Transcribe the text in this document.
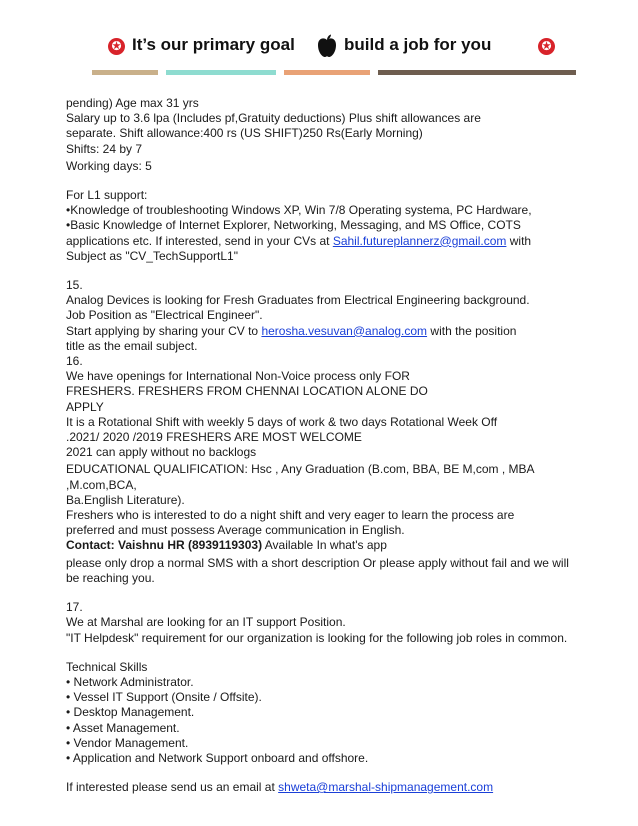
✪ It’s our primary goal	build a job for you	✪
pending) Age max 31 yrs
Salary up to 3.6 lpa (Includes pf,Gratuity deductions) Plus shift allowances are
separate. Shift allowance:400 rs (US SHIFT)250 Rs(Early Morning)
Shifts: 24 by 7
Working days: 5
For L1 support:
•Knowledge of troubleshooting Windows XP, Win 7/8 Operating systema, PC Hardware,
•Basic Knowledge of Internet Explorer, Networking, Messaging, and MS Office, COTS
applications etc. If interested, send in your CVs at Sahil.futureplannerz@gmail.com with
Subject as "CV_TechSupportL1"
15.
Analog Devices is looking for Fresh Graduates from Electrical Engineering background.
Job Position as "Electrical Engineer".
Start applying by sharing your CV to herosha.vesuvan@analog.com with the position
title as the email subject.
16.
We have openings for International Non-Voice process only FOR
FRESHERS. FRESHERS FROM CHENNAI LOCATION ALONE DO
APPLY
It is a Rotational Shift with weekly 5 days of work & two days Rotational Week Off
.2021/ 2020 /2019 FRESHERS ARE MOST WELCOME
2021 can apply without no backlogs
EDUCATIONAL QUALIFICATION: Hsc , Any Graduation (B.com, BBA, BE M,com , MBA
,M.com,BCA,
Ba.English Literature).
Freshers who is interested to do a night shift and very eager to learn the process are
preferred and must possess Average communication in English.
Contact: Vaishnu HR (8939119303) Available In what's app
please only drop a normal SMS with a short description Or please apply without fail and we will
be reaching you.
17.
We at Marshal are looking for an IT support Position.
"IT Helpdesk" requirement for our organization is looking for the following job roles in common.
Technical Skills
• Network Administrator.
• Vessel IT Support (Onsite / Offsite).
• Desktop Management.
• Asset Management.
• Vendor Management.
• Application and Network Support onboard and offshore.
If interested please send us an email at shweta@marshal-shipmanagement.com
